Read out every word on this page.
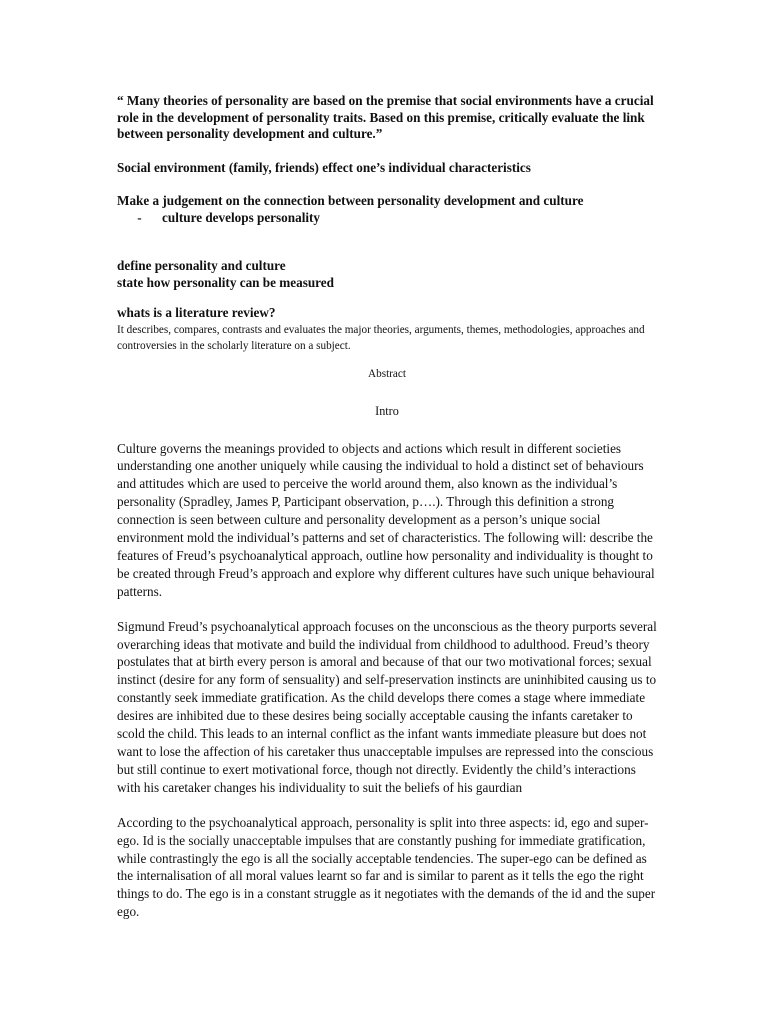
“ Many theories of personality are based on the premise that social environments have a crucial role in the development of personality traits. Based on this premise, critically evaluate the link between personality development and culture.”

Social environment (family, friends) effect one’s individual characteristics

Make a judgement on the connection between personality development and culture

-	culture develops personality

define personality and culture

state how personality can be measured

whats is a literature review?

It describes, compares, contrasts and evaluates the major theories, arguments, themes, methodologies, approaches and controversies in the scholarly literature on a subject.

Abstract

Intro

Culture governs the meanings provided to objects and actions which result in different societies understanding one another uniquely while causing the individual to hold a distinct set of behaviours and attitudes which are used to perceive the world around them, also known as the individual’s personality (Spradley, James P, Participant observation, p….). Through this definition a strong connection is seen between culture and personality development as a person’s unique social environment mold the individual’s patterns and set of characteristics. The following will: describe the features of Freud’s psychoanalytical approach, outline how personality and individuality is thought to be created through Freud’s approach and explore why different cultures have such unique behavioural patterns.

Sigmund Freud’s psychoanalytical approach focuses on the unconscious as the theory purports several overarching ideas that motivate and build the individual from childhood to adulthood. Freud’s theory postulates that at birth every person is amoral and because of that our two motivational forces; sexual instinct (desire for any form of sensuality) and self-preservation instincts are uninhibited causing us to constantly seek immediate gratification. As the child develops there comes a stage where immediate desires are inhibited due to these desires being socially acceptable causing the infants caretaker to scold the child. This leads to an internal conflict as the infant wants immediate pleasure but does not want to lose the affection of his caretaker thus unacceptable impulses are repressed into the conscious but still continue to exert motivational force, though not directly. Evidently the child’s interactions with his caretaker changes his individuality to suit the beliefs of his gaurdian

According to the psychoanalytical approach, personality is split into three aspects: id, ego and super-ego. Id is the socially unacceptable impulses that are constantly pushing for immediate gratification, while contrastingly the ego is all the socially acceptable tendencies. The super-ego can be defined as the internalisation of all moral values learnt so far and is similar to parent as it tells the ego the right things to do. The ego is in a constant struggle as it negotiates with the demands of the id and the super ego.
